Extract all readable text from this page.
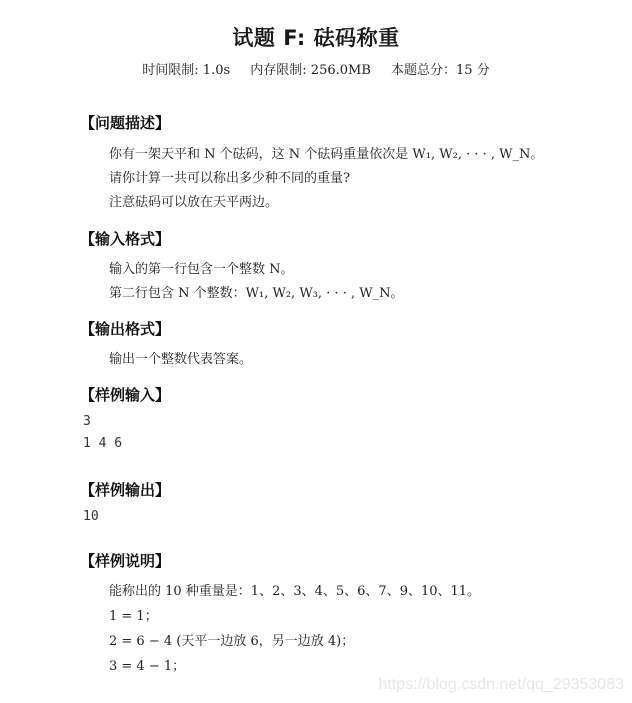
试题 F: 砝码称重
时间限制: 1.0s 内存限制: 256.0MB 本题总分：15 分
【问题描述】
你有一架天平和 N 个砝码，这 N 个砝码重量依次是 W₁, W₂, · · · , W_N。
请你计算一共可以称出多少种不同的重量?
注意砝码可以放在天平两边。
【输入格式】
输入的第一行包含一个整数 N。
第二行包含 N 个整数：W₁, W₂, W₃, · · · , W_N。
【输出格式】
输出一个整数代表答案。
【样例输入】
3
1 4 6
【样例输出】
10
【样例说明】
能称出的 10 种重量是：1、2、3、4、5、6、7、9、10、11。
1 = 1；
2 = 6 − 4 (天平一边放 6，另一边放 4)；
3 = 4 − 1；
https://blog.csdn.net/qq_29353083
